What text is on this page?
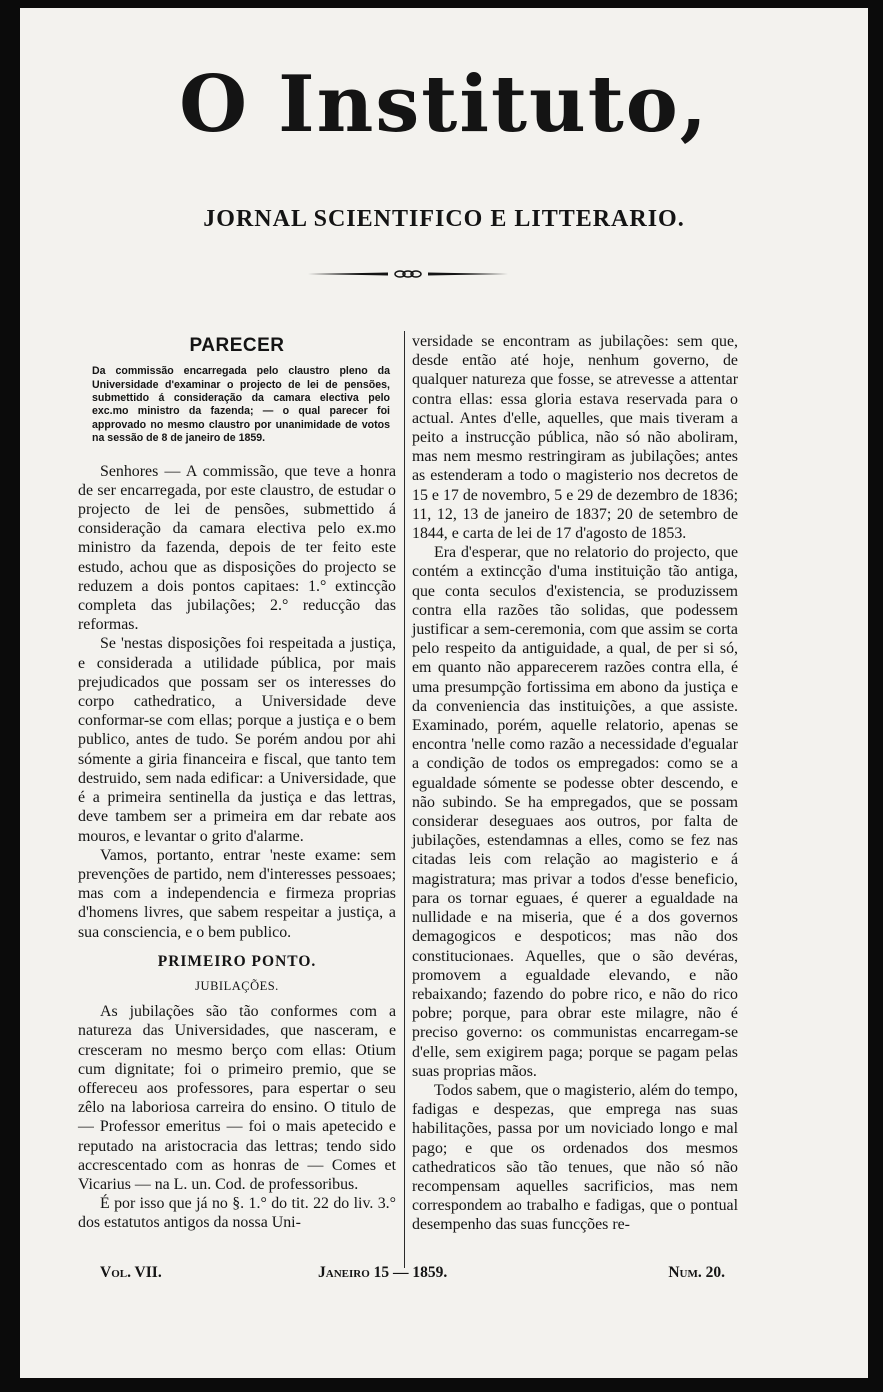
O Instituto,
JORNAL SCIENTIFICO E LITTERARIO.
PARECER
Da commissão encarregada pelo claustro pleno da Universidade d'examinar o projecto de lei de pensões, submettido á consideração da camara electiva pelo exc.mo ministro da fazenda; — o qual parecer foi approvado no mesmo claustro por unanimidade de votos na sessão de 8 de janeiro de 1859.

Senhores — A commissão, que teve a honra de ser encarregada, por este claustro, de estudar o projecto de lei de pensões, submettido á consideração da camara electiva pelo ex.mo ministro da fazenda, depois de ter feito este estudo, achou que as disposições do projecto se reduzem a dois pontos capitaes: 1.° extincção completa das jubilações; 2.° reducção das reformas.

Se 'nestas disposições foi respeitada a justiça, e considerada a utilidade pública, por mais prejudicados que possam ser os interesses do corpo cathedratico, a Universidade deve conformar-se com ellas; porque a justiça e o bem publico, antes de tudo. Se porém andou por ahi sómente a giria financeira e fiscal, que tanto tem destruido, sem nada edificar: a Universidade, que é a primeira sentinella da justiça e das lettras, deve tambem ser a primeira em dar rebate aos mouros, e levantar o grito d'alarme.

Vamos, portanto, entrar 'neste exame: sem prevenções de partido, nem d'interesses pessoaes; mas com a independencia e firmeza proprias d'homens livres, que sabem respeitar a justiça, a sua consciencia, e o bem publico.

PRIMEIRO PONTO.
JUBILAÇÕES.

As jubilações são tão conformes com a natureza das Universidades, que nasceram, e cresceram no mesmo berço com ellas: Otium cum dignitate; foi o primeiro premio, que se offereceu aos professores, para espertar o seu zêlo na laboriosa carreira do ensino. O titulo de — Professor emeritus — foi o mais apetecido e reputado na aristocracia das lettras; tendo sido accrescentado com as honras de — Comes et Vicarius — na L. un. Cod. de professoribus.

É por isso que já no §. 1.° do tit. 22 do liv. 3.° dos estatutos antigos da nossa Uni-

versidade se encontram as jubilações: sem que, desde então até hoje, nenhum governo, de qualquer natureza que fosse, se atrevesse a attentar contra ellas: essa gloria estava reservada para o actual. Antes d'elle, aquelles, que mais tiveram a peito a instrucção pública, não só não aboliram, mas nem mesmo restringiram as jubilações; antes as estenderam a todo o magisterio nos decretos de 15 e 17 de novembro, 5 e 29 de dezembro de 1836; 11, 12, 13 de janeiro de 1837; 20 de setembro de 1844, e carta de lei de 17 d'agosto de 1853.

Era d'esperar, que no relatorio do projecto, que contém a extincção d'uma instituição tão antiga, que conta seculos d'existencia, se produzissem contra ella razões tão solidas, que podessem justificar a sem-ceremonia, com que assim se corta pelo respeito da antiguidade, a qual, de per si só, em quanto não apparecerem razões contra ella, é uma presumpção fortissima em abono da justiça e da conveniencia das instituições, a que assiste. Examinado, porém, aquelle relatorio, apenas se encontra 'nelle como razão a necessidade d'egualar a condição de todos os empregados: como se a egualdade sómente se podesse obter descendo, e não subindo. Se ha empregados, que se possam considerar deseguaes aos outros, por falta de jubilações, estendamnas a elles, como se fez nas citadas leis com relação ao magisterio e á magistratura; mas privar a todos d'esse beneficio, para os tornar eguaes, é querer a egualdade na nullidade e na miseria, que é a dos governos demagogicos e despoticos; mas não dos constitucionaes. Aquelles, que o são devéras, promovem a egualdade elevando, e não rebaixando; fazendo do pobre rico, e não do rico pobre; porque, para obrar este milagre, não é preciso governo: os communistas encarregam-se d'elle, sem exigirem paga; porque se pagam pelas suas proprias mãos.

Todos sabem, que o magisterio, além do tempo, fadigas e despezas, que emprega nas suas habilitações, passa por um noviciado longo e mal pago; e que os ordenados dos mesmos cathedraticos são tão tenues, que não só não recompensam aquelles sacrificios, mas nem correspondem ao trabalho e fadigas, que o pontual desempenho das suas funcções re-

Vol. VII.	Janeiro 15 — 1859.	Num. 20.
